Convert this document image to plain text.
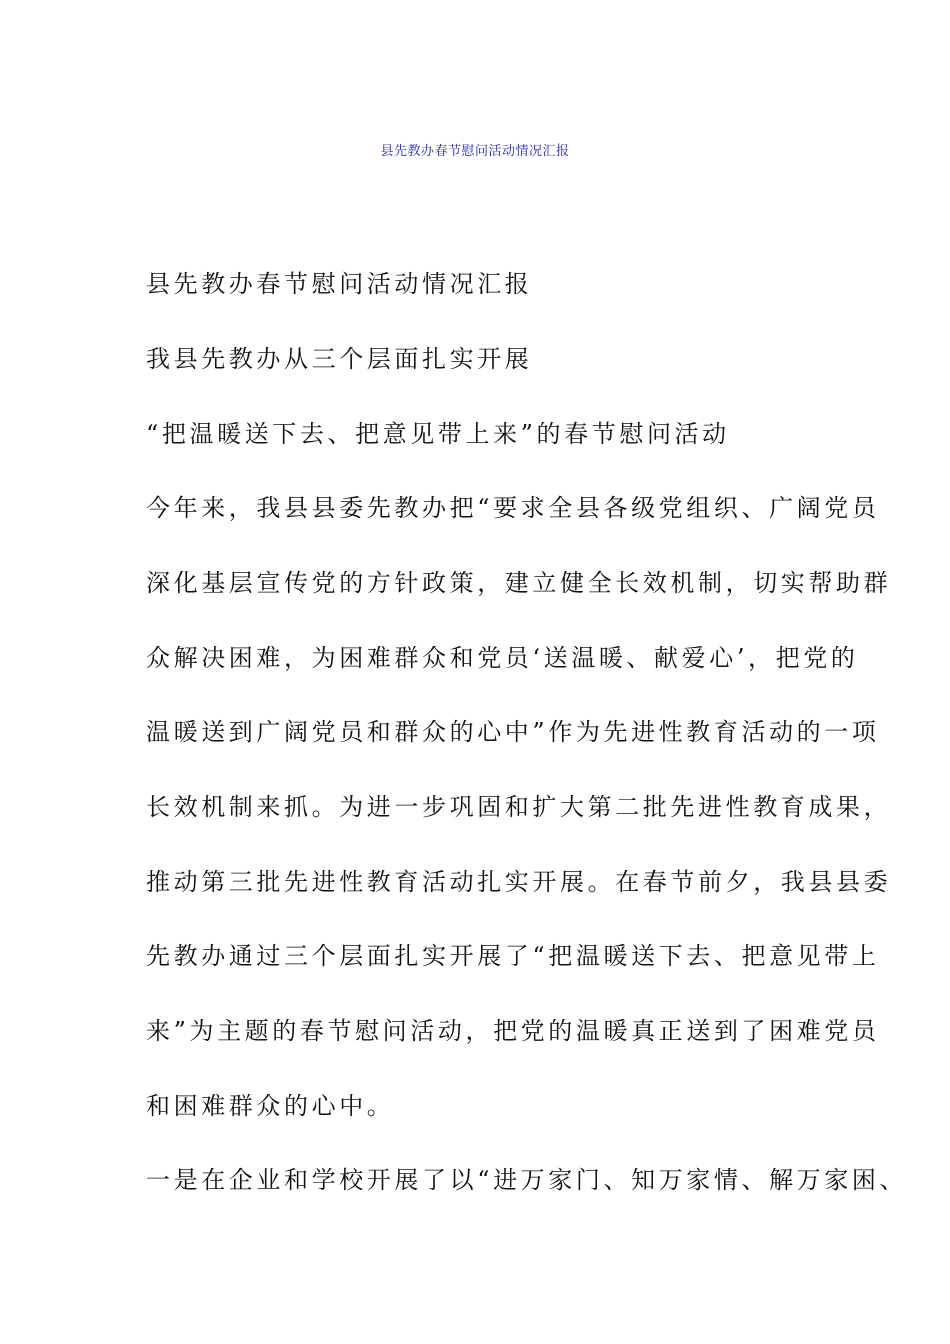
县先教办春节慰问活动情况汇报
县先教办春节慰问活动情况汇报
我县先教办从三个层面扎实开展
“把温暖送下去、把意见带上来”的春节慰问活动
今年来，我县县委先教办把“要求全县各级党组织、广阔党员
深化基层宣传党的方针政策，建立健全长效机制，切实帮助群
众解决困难，为困难群众和党员‘送温暖、献爱心’，把党的
温暖送到广阔党员和群众的心中”作为先进性教育活动的一项
长效机制来抓。为进一步巩固和扩大第二批先进性教育成果，
推动第三批先进性教育活动扎实开展。在春节前夕，我县县委
先教办通过三个层面扎实开展了“把温暖送下去、把意见带上
来”为主题的春节慰问活动，把党的温暖真正送到了困难党员
和困难群众的心中。
一是在企业和学校开展了以“进万家门、知万家情、解万家困、
